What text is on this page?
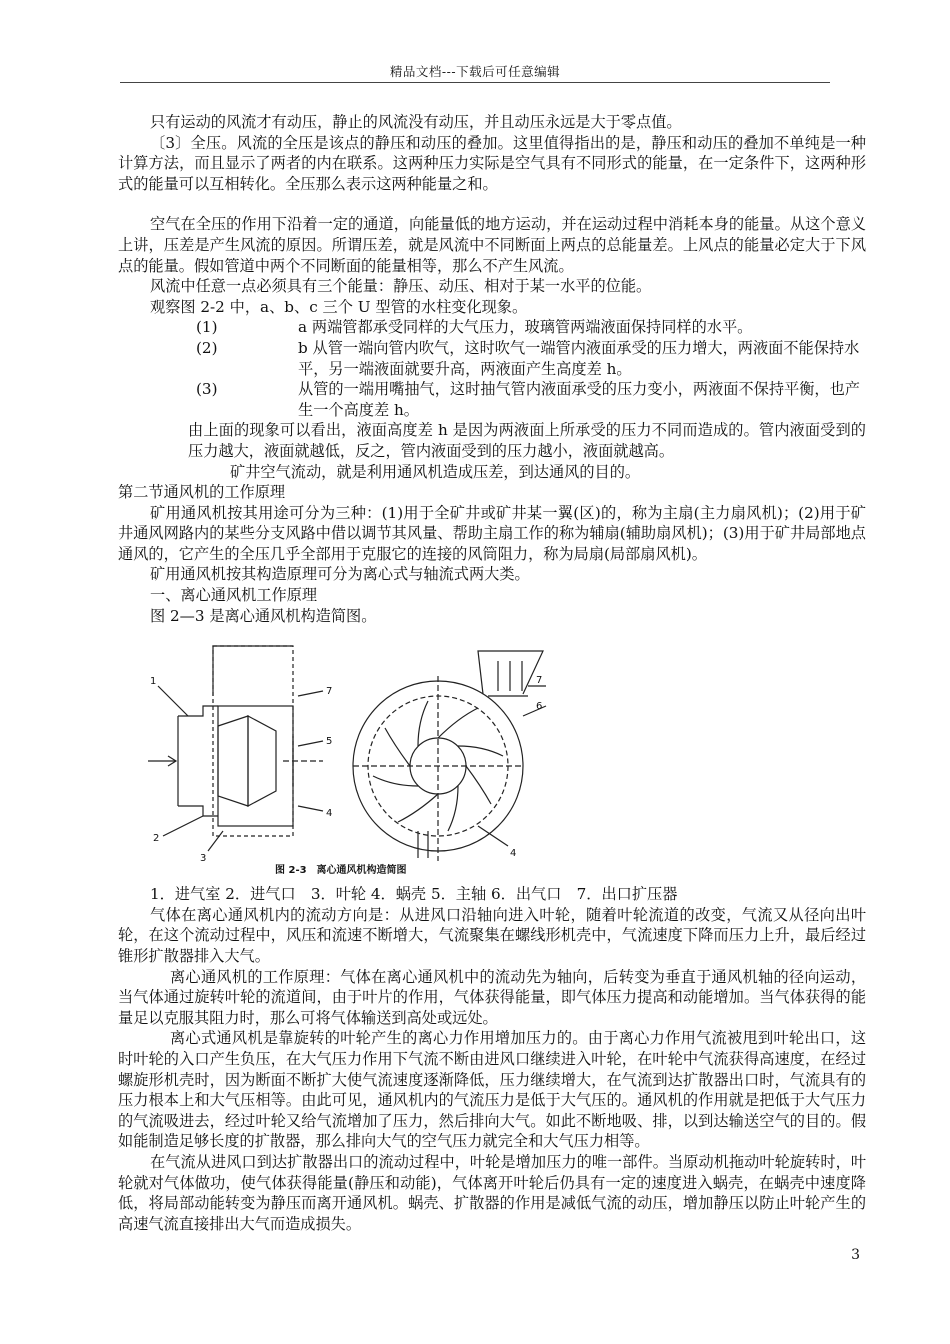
精品文档---下载后可任意编辑

只有运动的风流才有动压，静止的风流没有动压，并且动压永远是大于零点值。

〔3〕全压。风流的全压是该点的静压和动压的叠加。这里值得指出的是，静压和动压的叠加不单纯是一种计算方法，而且显示了两者的内在联系。这两种压力实际是空气具有不同形式的能量，在一定条件下，这两种形式的能量可以互相转化。全压那么表示这两种能量之和。

空气在全压的作用下沿着一定的通道，向能量低的地方运动，并在运动过程中消耗本身的能量。从这个意义上讲，压差是产生风流的原因。所谓压差，就是风流中不同断面上两点的总能量差。上风点的能量必定大于下风点的能量。假如管道中两个不同断面的能量相等，那么不产生风流。

风流中任意一点必须具有三个能量：静压、动压、相对于某一水平的位能。

观察图 2-2 中，a、b、c 三个 U 型管的水柱变化现象。

(1)	a 两端管都承受同样的大气压力，玻璃管两端液面保持同样的水平。
(2)	b 从管一端向管内吹气，这时吹气一端管内液面承受的压力增大，两液面不能保持水平，另一端液面就要升高，两液面产生高度差 h。
(3)	从管的一端用嘴抽气，这时抽气管内液面承受的压力变小，两液面不保持平衡，也产生一个高度差 h。

由上面的现象可以看出，液面高度差 h 是因为两液面上所承受的压力不同而造成的。管内液面受到的压力越大，液面就越低，反之，管内液面受到的压力越小，液面就越高。

矿井空气流动，就是利用通风机造成压差，到达通风的目的。

第二节通风机的工作原理

矿用通风机按其用途可分为三种：(1)用于全矿井或矿井某一翼(区)的，称为主扇(主力扇风机)；(2)用于矿井通风网路内的某些分支风路中借以调节其风量、帮助主扇工作的称为辅扇(辅助扇风机)；(3)用于矿井局部地点通风的，它产生的全压几乎全部用于克服它的连接的风筒阻力，称为局扇(局部扇风机)。

矿用通风机按其构造原理可分为离心式与轴流式两大类。

一、离心通风机工作原理

图 2—3 是离心通风机构造简图。

1
2
3
4
5
7
7
6
4
图 2-3　离心通风机构造简图

1．进气室 2．进气口　3．叶轮 4．蜗壳 5．主轴 6．出气口　7．出口扩压器

气体在离心通风机内的流动方向是：从进风口沿轴向进入叶轮，随着叶轮流道的改变，气流又从径向出叶轮，在这个流动过程中，风压和流速不断增大，气流聚集在螺线形机壳中，气流速度下降而压力上升，最后经过锥形扩散器排入大气。

离心通风机的工作原理：气体在离心通风机中的流动先为轴向，后转变为垂直于通风机轴的径向运动，当气体通过旋转叶轮的流道间，由于叶片的作用，气体获得能量，即气体压力提高和动能增加。当气体获得的能量足以克服其阻力时，那么可将气体输送到高处或远处。

离心式通风机是靠旋转的叶轮产生的离心力作用增加压力的。由于离心力作用气流被甩到叶轮出口，这时叶轮的入口产生负压，在大气压力作用下气流不断由进风口继续进入叶轮，在叶轮中气流获得高速度，在经过螺旋形机壳时，因为断面不断扩大使气流速度逐渐降低，压力继续增大，在气流到达扩散器出口时，气流具有的压力根本上和大气压相等。由此可见，通风机内的气流压力是低于大气压的。通风机的作用就是把低于大气压力的气流吸进去，经过叶轮又给气流增加了压力，然后排向大气。如此不断地吸、排，以到达输送空气的目的。假如能制造足够长度的扩散器，那么排向大气的空气压力就完全和大气压力相等。

在气流从进风口到达扩散器出口的流动过程中，叶轮是增加压力的唯一部件。当原动机拖动叶轮旋转时，叶轮就对气体做功，使气体获得能量(静压和动能)，气体离开叶轮后仍具有一定的速度进入蜗壳，在蜗壳中速度降低，将局部动能转变为静压而离开通风机。蜗壳、扩散器的作用是减低气流的动压，增加静压以防止叶轮产生的高速气流直接排出大气而造成损失。

3
